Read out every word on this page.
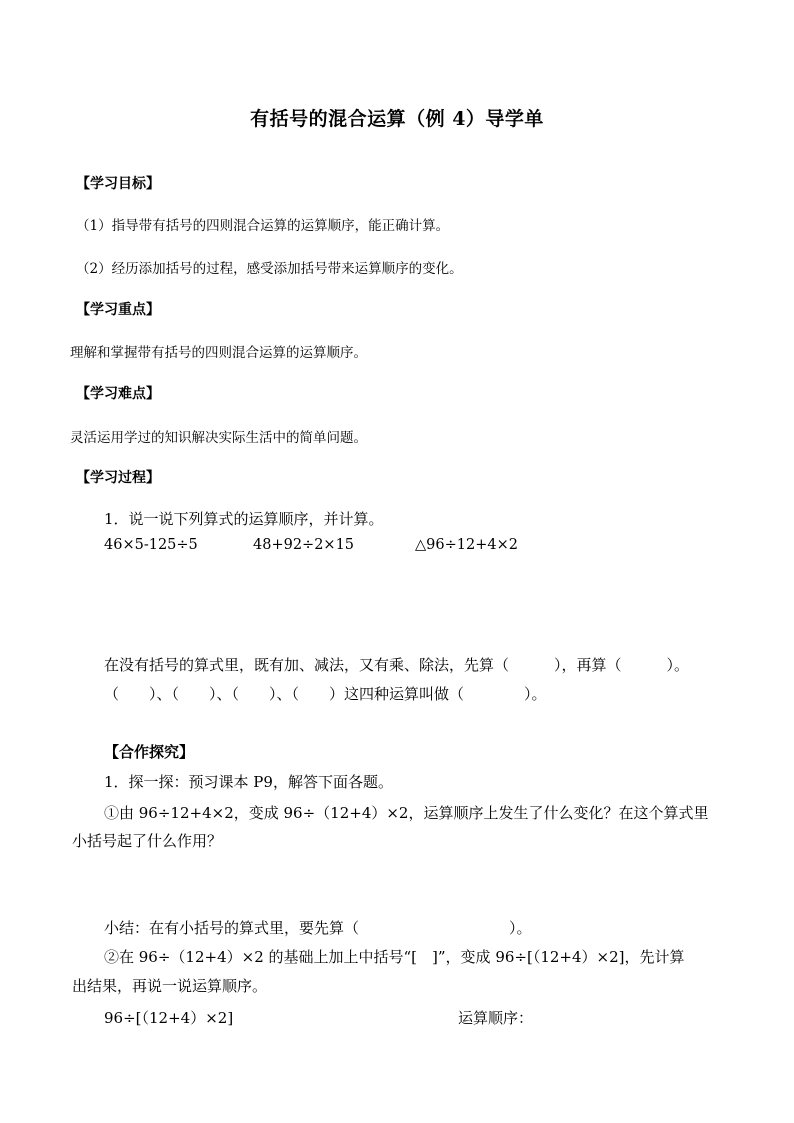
有括号的混合运算（例 4）导学单
【学习目标】
（1）指导带有括号的四则混合运算的运算顺序，能正确计算。
（2）经历添加括号的过程，感受添加括号带来运算顺序的变化。
【学习重点】
理解和掌握带有括号的四则混合运算的运算顺序。
【学习难点】
灵活运用学过的知识解决实际生活中的简单问题。
【学习过程】
1．说一说下列算式的运算顺序，并计算。
46×5-125÷5	48+92÷2×15	△96÷12+4×2
在没有括号的算式里，既有加、减法，又有乘、除法，先算（　　　），再算（　　　）。
（　　）、（　　）、（　　）、（　　）这四种运算叫做（　　　　）。
【合作探究】
1．探一探：预习课本 P9，解答下面各题。
①由 96÷12+4×2，变成 96÷（12+4）×2，运算顺序上发生了什么变化？在这个算式里
小括号起了什么作用？
小结：在有小括号的算式里，要先算（　　　　　　　　　　）。
②在 96÷（12+4）×2 的基础上加上中括号“[　]”，变成 96÷[（12+4）×2]，先计算
出结果，再说一说运算顺序。
96÷[（12+4）×2]	运算顺序：
